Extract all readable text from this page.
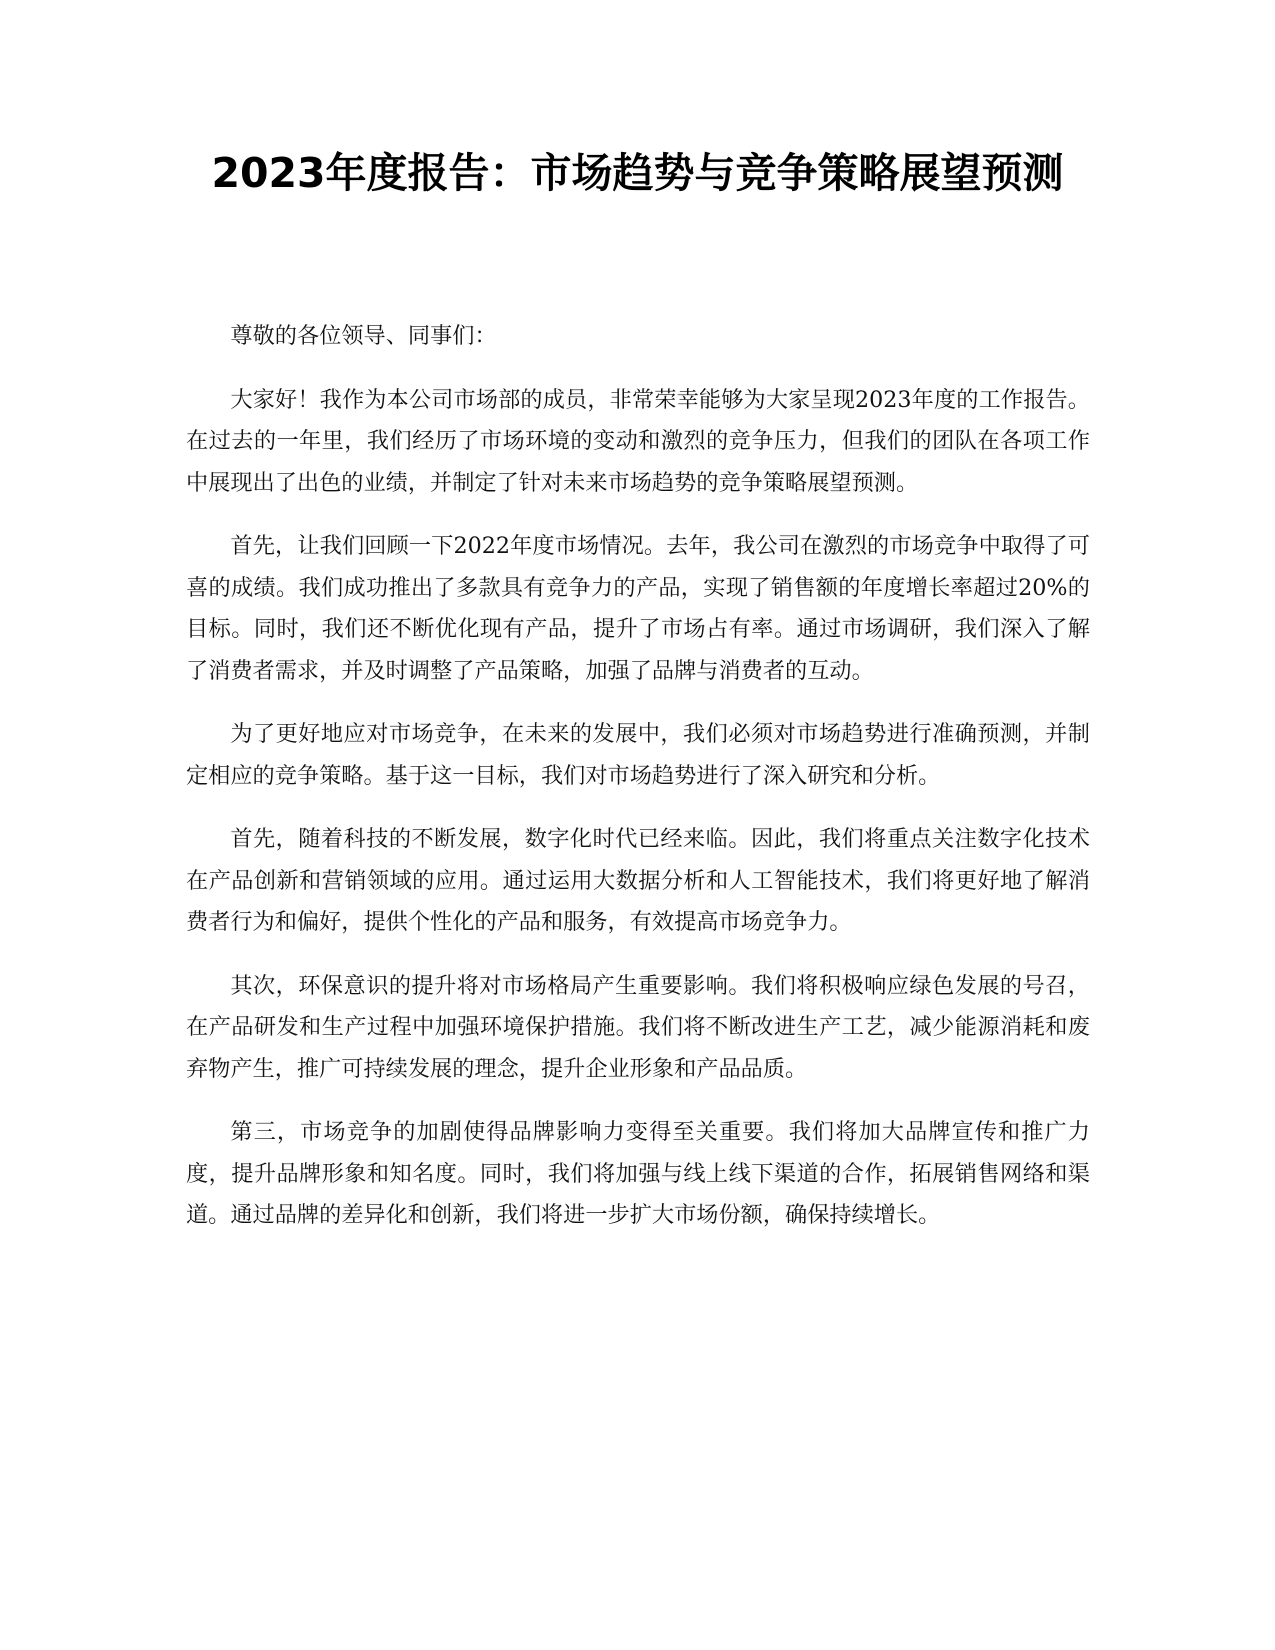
2023年度报告：市场趋势与竞争策略展望预测

尊敬的各位领导、同事们：

大家好！我作为本公司市场部的成员，非常荣幸能够为大家呈现2023年度的工作报告。在过去的一年里，我们经历了市场环境的变动和激烈的竞争压力，但我们的团队在各项工作中展现出了出色的业绩，并制定了针对未来市场趋势的竞争策略展望预测。

首先，让我们回顾一下2022年度市场情况。去年，我公司在激烈的市场竞争中取得了可喜的成绩。我们成功推出了多款具有竞争力的产品，实现了销售额的年度增长率超过20%的目标。同时，我们还不断优化现有产品，提升了市场占有率。通过市场调研，我们深入了解了消费者需求，并及时调整了产品策略，加强了品牌与消费者的互动。

为了更好地应对市场竞争，在未来的发展中，我们必须对市场趋势进行准确预测，并制定相应的竞争策略。基于这一目标，我们对市场趋势进行了深入研究和分析。

首先，随着科技的不断发展，数字化时代已经来临。因此，我们将重点关注数字化技术在产品创新和营销领域的应用。通过运用大数据分析和人工智能技术，我们将更好地了解消费者行为和偏好，提供个性化的产品和服务，有效提高市场竞争力。

其次，环保意识的提升将对市场格局产生重要影响。我们将积极响应绿色发展的号召，在产品研发和生产过程中加强环境保护措施。我们将不断改进生产工艺，减少能源消耗和废弃物产生，推广可持续发展的理念，提升企业形象和产品品质。

第三，市场竞争的加剧使得品牌影响力变得至关重要。我们将加大品牌宣传和推广力度，提升品牌形象和知名度。同时，我们将加强与线上线下渠道的合作，拓展销售网络和渠道。通过品牌的差异化和创新，我们将进一步扩大市场份额，确保持续增长。
